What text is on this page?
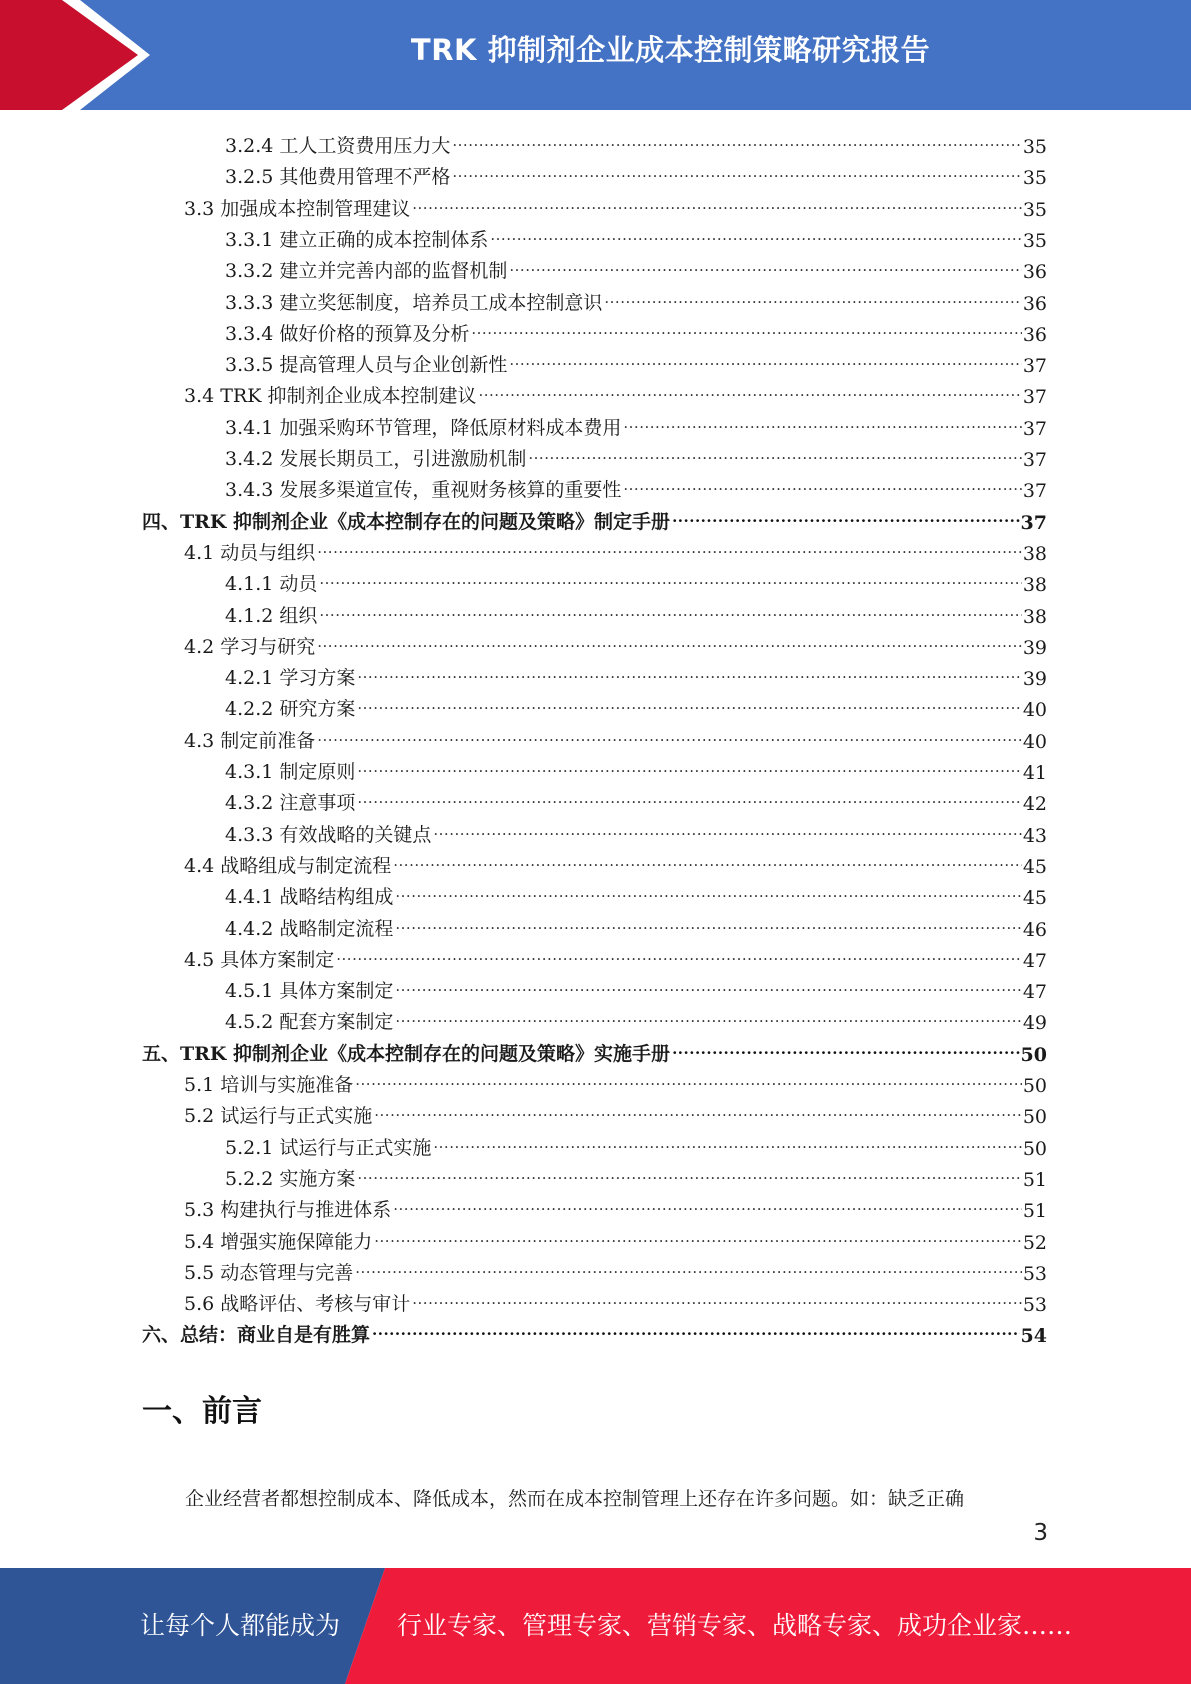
TRK 抑制剂企业成本控制策略研究报告
3.2.4 工人工资费用压力大 .....	35
3.2.5 其他费用管理不严格 .....	35
3.3 加强成本控制管理建议 .....	35
3.3.1 建立正确的成本控制体系 .....	35
3.3.2 建立并完善内部的监督机制 .....	36
3.3.3 建立奖惩制度，培养员工成本控制意识 .....	36
3.3.4 做好价格的预算及分析 .....	36
3.3.5 提高管理人员与企业创新性 .....	37
3.4 TRK 抑制剂企业成本控制建议 .....	37
3.4.1 加强采购环节管理，降低原材料成本费用 .....	37
3.4.2 发展长期员工，引进激励机制 .....	37
3.4.3 发展多渠道宣传，重视财务核算的重要性 .....	37
四、TRK 抑制剂企业《成本控制存在的问题及策略》制定手册 .....	37
4.1 动员与组织 .....	38
4.1.1 动员 .....	38
4.1.2 组织 .....	38
4.2 学习与研究 .....	39
4.2.1 学习方案 .....	39
4.2.2 研究方案 .....	40
4.3 制定前准备 .....	40
4.3.1 制定原则 .....	41
4.3.2 注意事项 .....	42
4.3.3 有效战略的关键点 .....	43
4.4 战略组成与制定流程 .....	45
4.4.1 战略结构组成 .....	45
4.4.2 战略制定流程 .....	46
4.5 具体方案制定 .....	47
4.5.1 具体方案制定 .....	47
4.5.2 配套方案制定 .....	49
五、TRK 抑制剂企业《成本控制存在的问题及策略》实施手册 .....	50
5.1 培训与实施准备 .....	50
5.2 试运行与正式实施 .....	50
5.2.1 试运行与正式实施 .....	50
5.2.2 实施方案 .....	51
5.3 构建执行与推进体系 .....	51
5.4 增强实施保障能力 .....	52
5.5 动态管理与完善 .....	53
5.6 战略评估、考核与审计 .....	53
六、总结：商业自是有胜算 .....	54
一、前言
企业经营者都想控制成本、降低成本，然而在成本控制管理上还存在许多问题。如：缺乏正确
3
让每个人都能成为 行业专家、管理专家、营销专家、战略专家、成功企业家……
